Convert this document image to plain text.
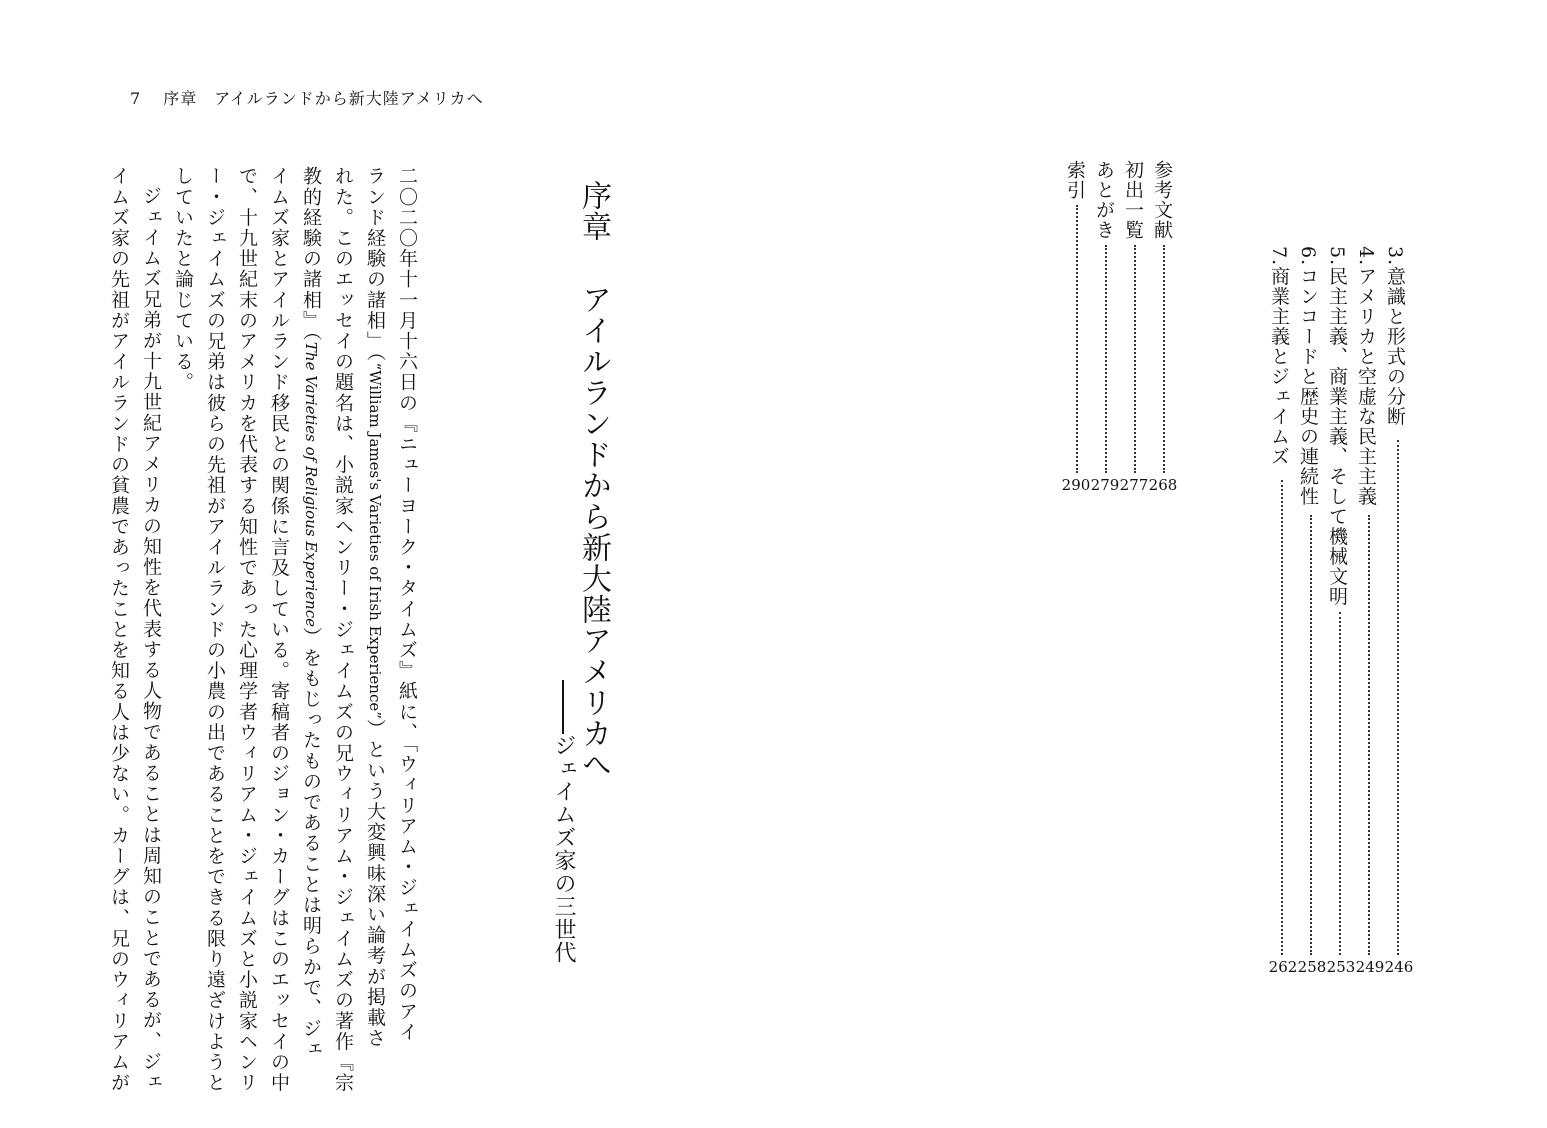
7 序章　アイルランドから新大陸アメリカへ
3.意識と形式の分断
246
4.アメリカと空虚な民主主義
249
5.民主主義、商業主義、そして機械文明
253
6.コンコードと歴史の連続性
258
7.商業主義とジェイムズ
262
参考文献
268
初出一覧
277
あとがき
279
索引
290
序章アイルランドから新大陸アメリカへ
ジェイムズ家の三世代
二〇二〇年十一月十六日の『ニューヨーク・タイムズ』紙に、「ウィリアム・ジェイムズのアイ
ランド経験の諸相」（“William James's Varieties of Irish Experience”）という大変興味深い論考が掲載さ
れた。このエッセイの題名は、小説家ヘンリー・ジェイムズの兄ウィリアム・ジェイムズの著作『宗
教的経験の諸相』（The Varieties of Religious Experience）をもじったものであることは明らかで、ジェ
イムズ家とアイルランド移民との関係に言及している。寄稿者のジョン・カーグはこのエッセイの中
で、十九世紀末のアメリカを代表する知性であった心理学者ウィリアム・ジェイムズと小説家ヘンリ
ー・ジェイムズの兄弟は彼らの先祖がアイルランドの小農の出であることをできる限り遠ざけようと
していたと論じている。
ジェイムズ兄弟が十九世紀アメリカの知性を代表する人物であることは周知のことであるが、ジェ
イムズ家の先祖がアイルランドの貧農であったことを知る人は少ない。カーグは、兄のウィリアムが
